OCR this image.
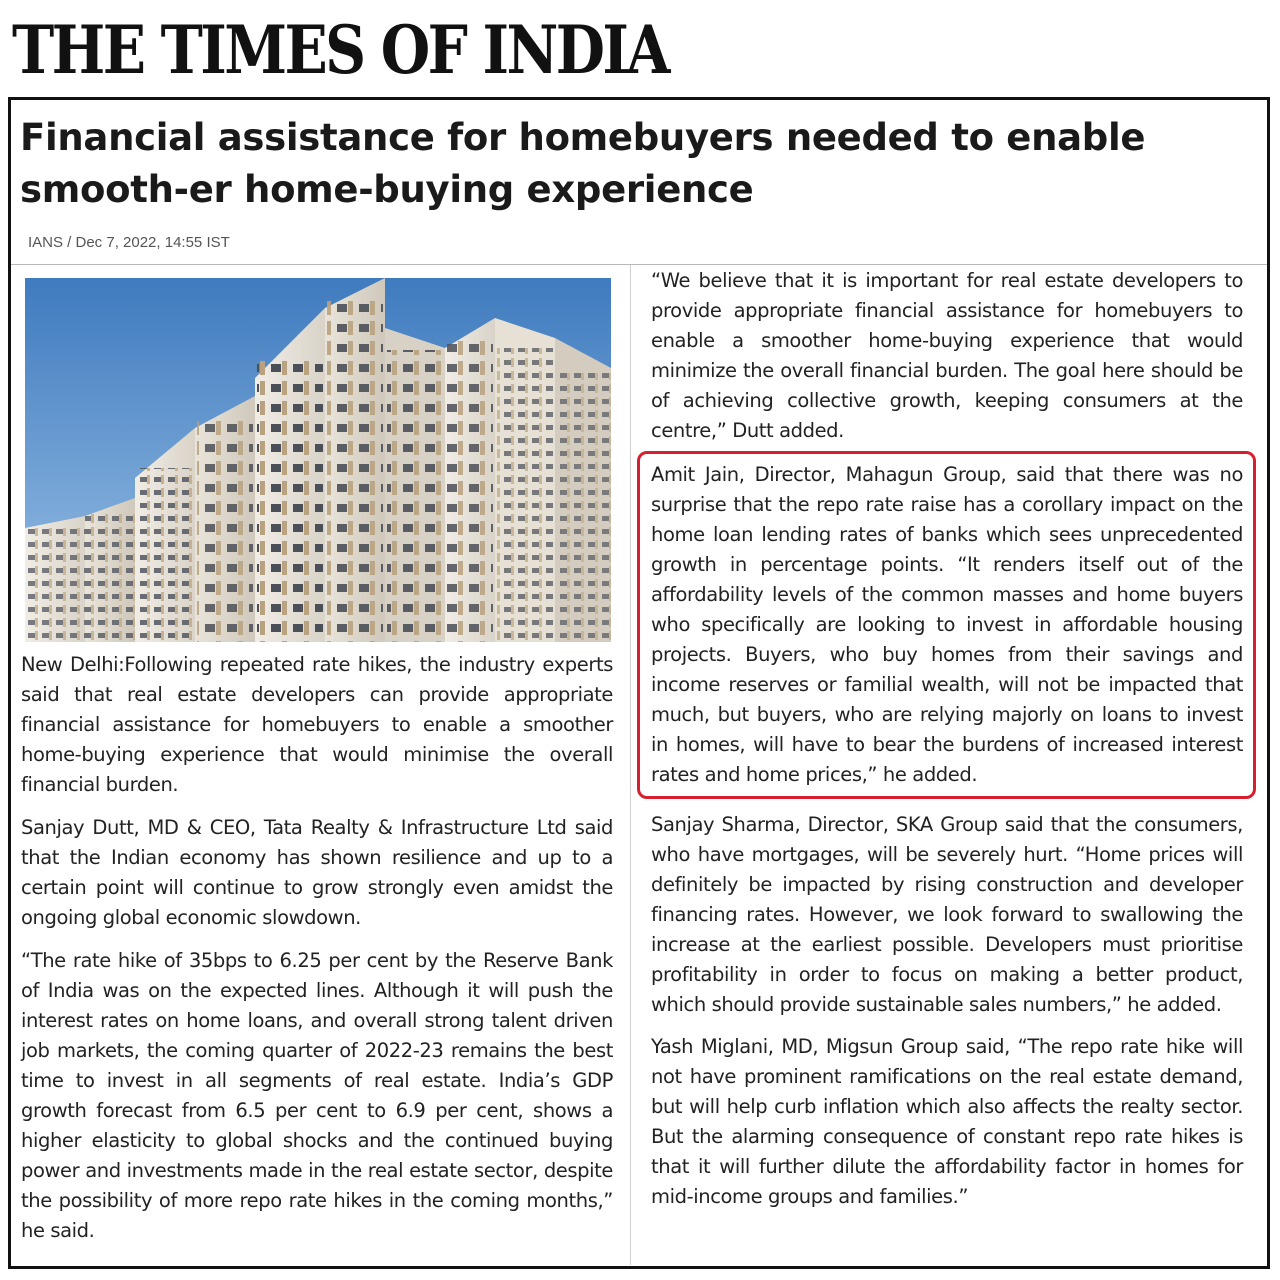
THE TIMES OF INDIA
Financial assistance for homebuyers needed to enable smooth-er home-buying experience
IANS / Dec 7, 2022, 14:55 IST

New Delhi:Following repeated rate hikes, the industry experts said that real estate developers can provide appropriate financial assistance for homebuyers to enable a smoother home-buying experience that would minimise the overall financial burden.

Sanjay Dutt, MD & CEO, Tata Realty & Infrastructure Ltd said that the Indian economy has shown resilience and up to a certain point will continue to grow strongly even amidst the ongoing global economic slowdown.

“The rate hike of 35bps to 6.25 per cent by the Reserve Bank of India was on the expected lines. Although it will push the interest rates on home loans, and overall strong talent driven job markets, the coming quarter of 2022-23 remains the best time to invest in all segments of real estate. India’s GDP growth forecast from 6.5 per cent to 6.9 per cent, shows a higher elasticity to global shocks and the continued buying power and investments made in the real estate sector, despite the possibility of more repo rate hikes in the coming months,” he said.

“We believe that it is important for real estate developers to provide appropriate financial assistance for homebuyers to enable a smoother home-buying experience that would minimize the overall financial burden. The goal here should be of achieving collective growth, keeping consumers at the centre,” Dutt added.

Amit Jain, Director, Mahagun Group, said that there was no surprise that the repo rate raise has a corollary impact on the home loan lending rates of banks which sees unprecedented growth in percentage points. “It renders itself out of the affordability levels of the common masses and home buyers who specifically are looking to invest in affordable housing projects. Buyers, who buy homes from their savings and income reserves or familial wealth, will not be impacted that much, but buyers, who are relying majorly on loans to invest in homes, will have to bear the burdens of increased interest rates and home prices,” he added.

Sanjay Sharma, Director, SKA Group said that the consumers, who have mortgages, will be severely hurt. “Home prices will definitely be impacted by rising construction and developer financing rates. However, we look forward to swallowing the increase at the earliest possible. Developers must prioritise profitability in order to focus on making a better product, which should provide sustainable sales numbers,” he added.

Yash Miglani, MD, Migsun Group said, “The repo rate hike will not have prominent ramifications on the real estate demand, but will help curb inflation which also affects the realty sector. But the alarming consequence of constant repo rate hikes is that it will further dilute the affordability factor in homes for mid-income groups and families.”
